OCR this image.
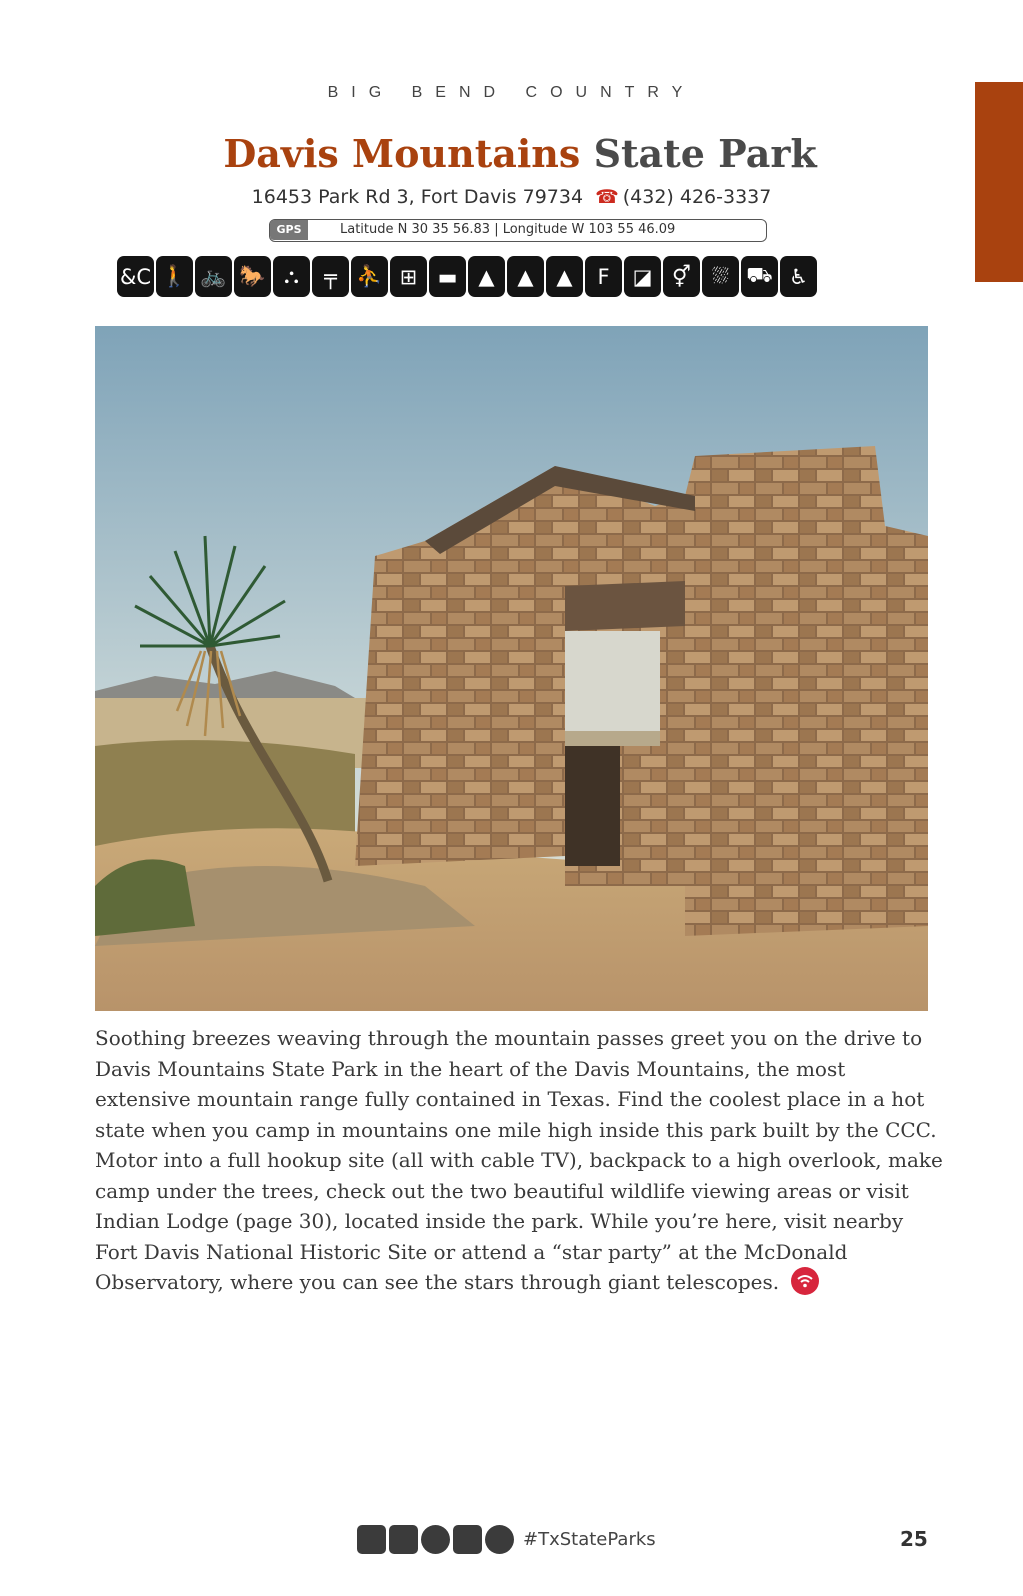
BIG BEND COUNTRY
Davis Mountains State Park
16453 Park Rd 3, Fort Davis 79734 ☎ (432) 426-3337
GPS	Latitude N 30 35 56.83 | Longitude W 103 55 46.09
&C 🚶 🚲 🐎 ⛬	╤ ⛹ ⊞ ▬	▲	▲	▲	F	◪ ⚥	⛆ ⛟ ♿
Soothing breezes weaving through the mountain passes greet you on the drive to Davis Mountains State Park in the heart of the Davis Mountains, the most extensive mountain range fully contained in Texas. Find the coolest place in a hot state when you camp in mountains one mile high inside this park built by the CCC. Motor into a full hookup site (all with cable TV), backpack to a high overlook, make camp under the trees, check out the two beautiful wildlife viewing areas or visit Indian Lodge (page 30), located inside the park. While you’re here, visit nearby Fort Davis National Historic Site or attend a “star party” at the McDonald Observatory, where you can see the stars through giant telescopes.
#TxStateParks	25
